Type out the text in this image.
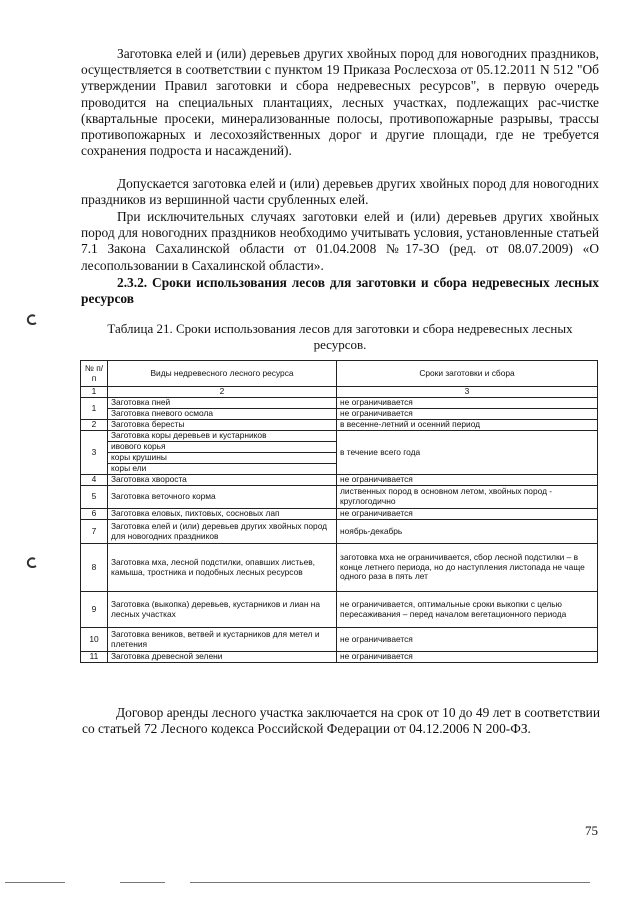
Заготовка елей и (или) деревьев других хвойных пород для новогодних праздников, осуществляется в соответствии с пунктом 19 Приказа Рослесхоза от 05.12.2011 N 512 "Об утверждении Правил заготовки и сбора недревесных ресурсов", в первую очередь проводится на специальных плантациях, лесных участках, подлежащих рас-чистке (квартальные просеки, минерализованные полосы, противопожарные разрывы, трассы противопожарных и лесохозяйственных дорог и другие площади, где не требуется сохранения подроста и насаждений).

Допускается заготовка елей и (или) деревьев других хвойных пород для новогодних праздников из вершинной части срубленных елей.

При исключительных случаях заготовки елей и (или) деревьев других хвойных пород для новогодних праздников необходимо учитывать условия, установленные статьей 7.1 Закона Сахалинской области от 01.04.2008 №17-ЗО (ред. от 08.07.2009) «О лесопользовании в Сахалинской области».

2.3.2. Сроки использования лесов для заготовки и сбора недревесных лесных ресурсов

Таблица 21. Сроки использования лесов для заготовки и сбора недревесных лесных ресурсов.

№ п/п	Виды недревесного лесного ресурса	Сроки заготовки и сбора
1	2	3
1	Заготовка пней	не ограничивается
	Заготовка пневого осмола	не ограничивается
2	Заготовка бересты	в весенне-летний и осенний период
3	Заготовка коры деревьев и кустарников	в течение всего года
	ивового корья	
	коры крушины	
	коры ели	
4	Заготовка хвороста	не ограничивается
5	Заготовка веточного корма	лиственных пород в основном летом, хвойных пород - круглогодично
6	Заготовка еловых, пихтовых, сосновых лап	не ограничивается
7	Заготовка елей и (или) деревьев других хвойных пород для новогодних праздников	ноябрь-декабрь
8	Заготовка мха, лесной подстилки, опавших листьев, камыша, тростника и подобных лесных ресурсов	заготовка мха не ограничивается, сбор лесной подстилки – в конце летнего периода, но до наступления листопада не чаще одного раза в пять лет
9	Заготовка (выкопка) деревьев, кустарников и лиан на лесных участках	не ограничивается, оптимальные сроки выкопки с целью пересаживания – перед началом вегетационного периода
10	Заготовка веников, ветвей и кустарников для метел и плетения	не ограничивается
11	Заготовка древесной зелени	не ограничивается

Договор аренды лесного участка заключается на срок от 10 до 49 лет в соответствии со статьей 72 Лесного кодекса Российской Федерации от 04.12.2006 N 200-ФЗ.

75
